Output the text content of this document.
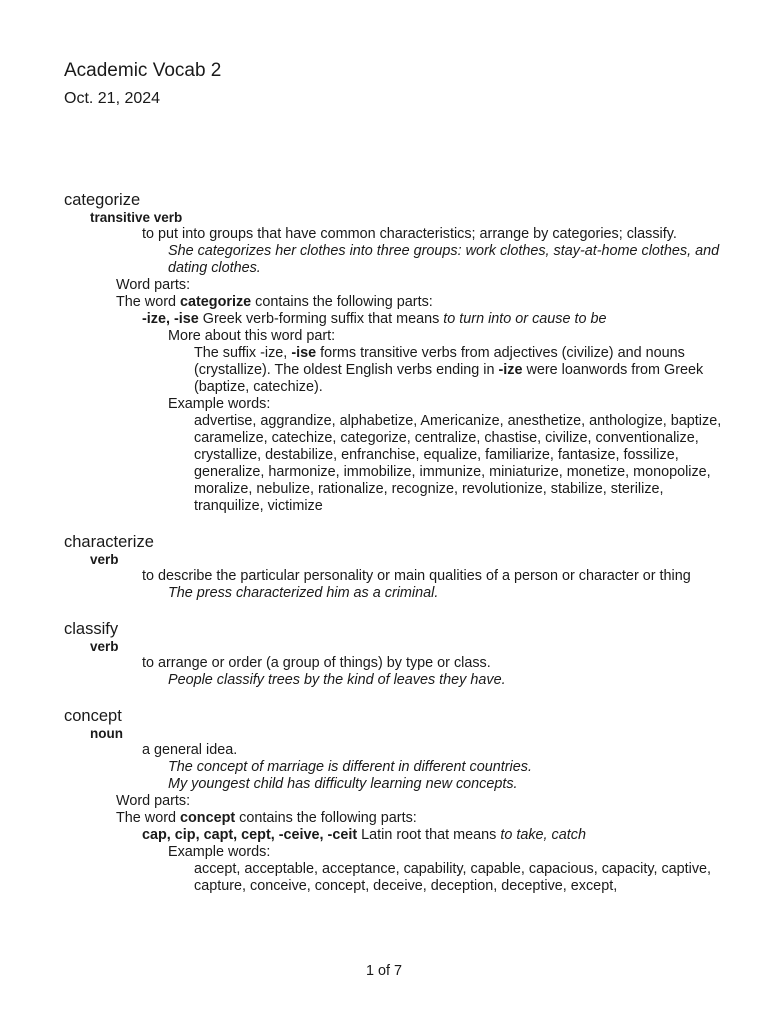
Academic Vocab 2
Oct. 21, 2024
categorize
transitive verb
to put into groups that have common characteristics; arrange by categories; classify.
She categorizes her clothes into three groups: work clothes, stay-at-home clothes, and dating clothes.
Word parts:
The word categorize contains the following parts:
-ize, -ise Greek verb-forming suffix that means to turn into or cause to be
More about this word part:
The suffix -ize, -ise forms transitive verbs from adjectives (civilize) and nouns (crystallize). The oldest English verbs ending in -ize were loanwords from Greek (baptize, catechize).
Example words:
advertise, aggrandize, alphabetize, Americanize, anesthetize, anthologize, baptize, caramelize, catechize, categorize, centralize, chastise, civilize, conventionalize, crystallize, destabilize, enfranchise, equalize, familiarize, fantasize, fossilize, generalize, harmonize, immobilize, immunize, miniaturize, monetize, monopolize, moralize, nebulize, rationalize, recognize, revolutionize, stabilize, sterilize, tranquilize, victimize
characterize
verb
to describe the particular personality or main qualities of a person or character or thing
The press characterized him as a criminal.
classify
verb
to arrange or order (a group of things) by type or class.
People classify trees by the kind of leaves they have.
concept
noun
a general idea.
The concept of marriage is different in different countries.
My youngest child has difficulty learning new concepts.
Word parts:
The word concept contains the following parts:
cap, cip, capt, cept, -ceive, -ceit Latin root that means to take, catch
Example words:
accept, acceptable, acceptance, capability, capable, capacious, capacity, captive, capture, conceive, concept, deceive, deception, deceptive, except,
1 of 7
